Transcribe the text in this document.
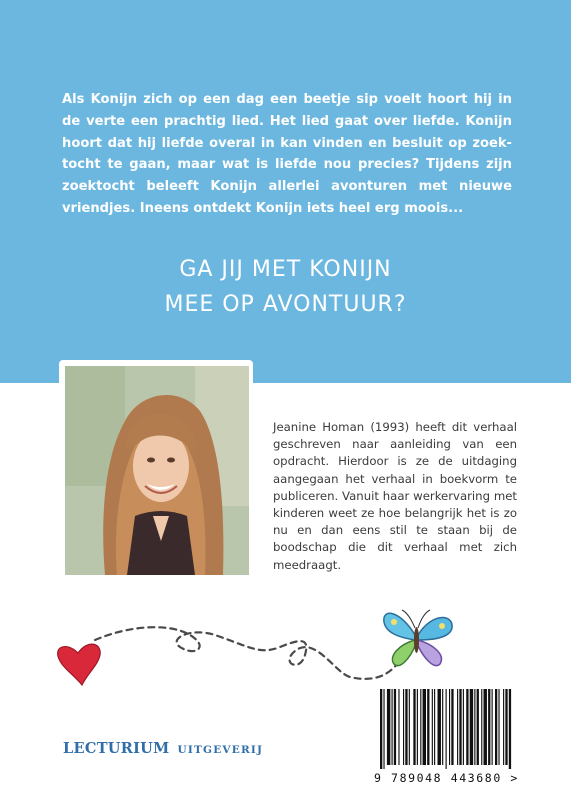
Als Konijn zich op een dag een beetje sip voelt hoort hij in de verte een prachtig lied. Het lied gaat over liefde. Konijn hoort dat hij liefde overal in kan vinden en besluit op zoek-tocht te gaan, maar wat is liefde nou precies? Tijdens zijn zoektocht beleeft Konijn allerlei avonturen met nieuwe vriendjes. Ineens ontdekt Konijn iets heel erg moois...

GA JIJ MET KONIJN
MEE OP AVONTUUR?

Jeanine Homan (1993) heeft dit verhaal geschreven naar aanleiding van een opdracht. Hierdoor is ze de uitdaging aangegaan het verhaal in boekvorm te publiceren. Vanuit haar werkervaring met kinderen weet ze hoe belangrijk het is zo nu en dan eens stil te staan bij de boodschap die dit verhaal met zich meedraagt.

LECTURIUM UITGEVERIJ
9 789048 443680 >
